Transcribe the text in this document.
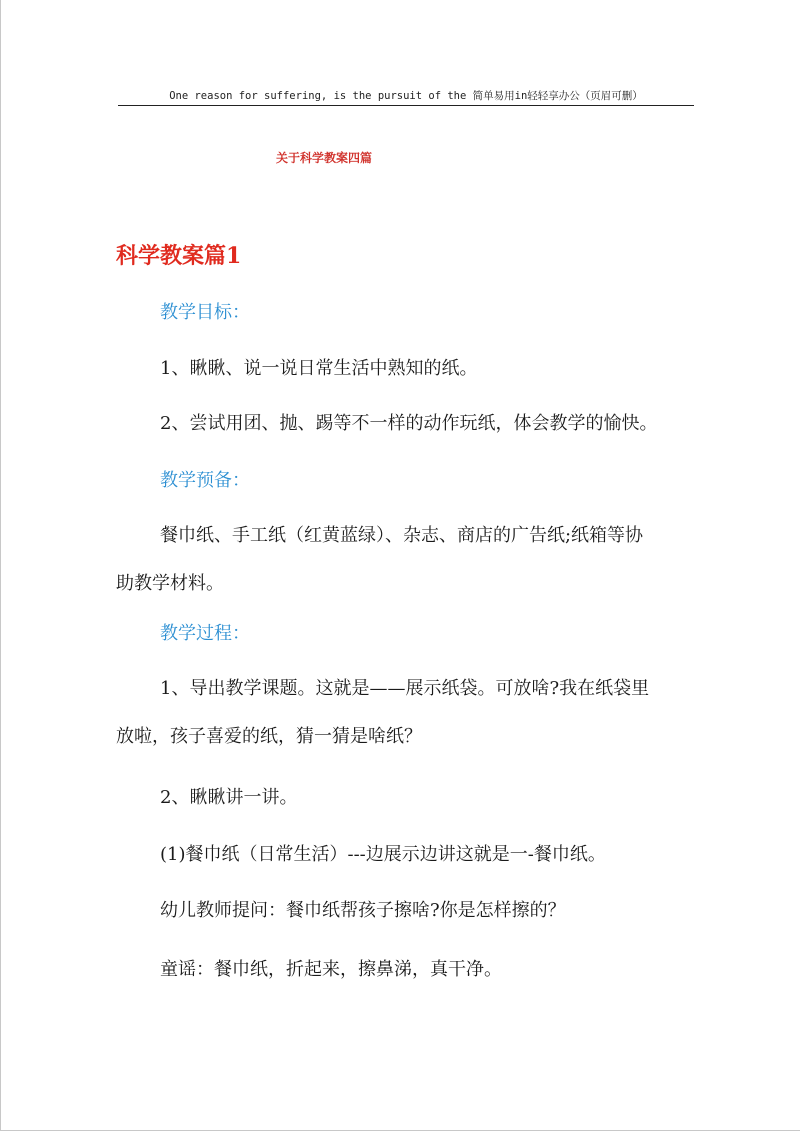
One reason for suffering, is the pursuit of the 简单易用in轻轻享办公（页眉可删）
关于科学教案四篇
科学教案篇1
教学目标：
1、瞅瞅、说一说日常生活中熟知的纸。
2、尝试用团、抛、踢等不一样的动作玩纸，体会教学的愉快。
教学预备：
餐巾纸、手工纸（红黄蓝绿）、杂志、商店的广告纸;纸箱等协
助教学材料。
教学过程：
1、导出教学课题。这就是——展示纸袋。可放啥?我在纸袋里
放啦，孩子喜爱的纸，猜一猜是啥纸？
2、瞅瞅讲一讲。
(1)餐巾纸（日常生活）---边展示边讲这就是一-餐巾纸。
幼儿教师提问：餐巾纸帮孩子擦啥?你是怎样擦的？
童谣：餐巾纸，折起来，擦鼻涕，真干净。
